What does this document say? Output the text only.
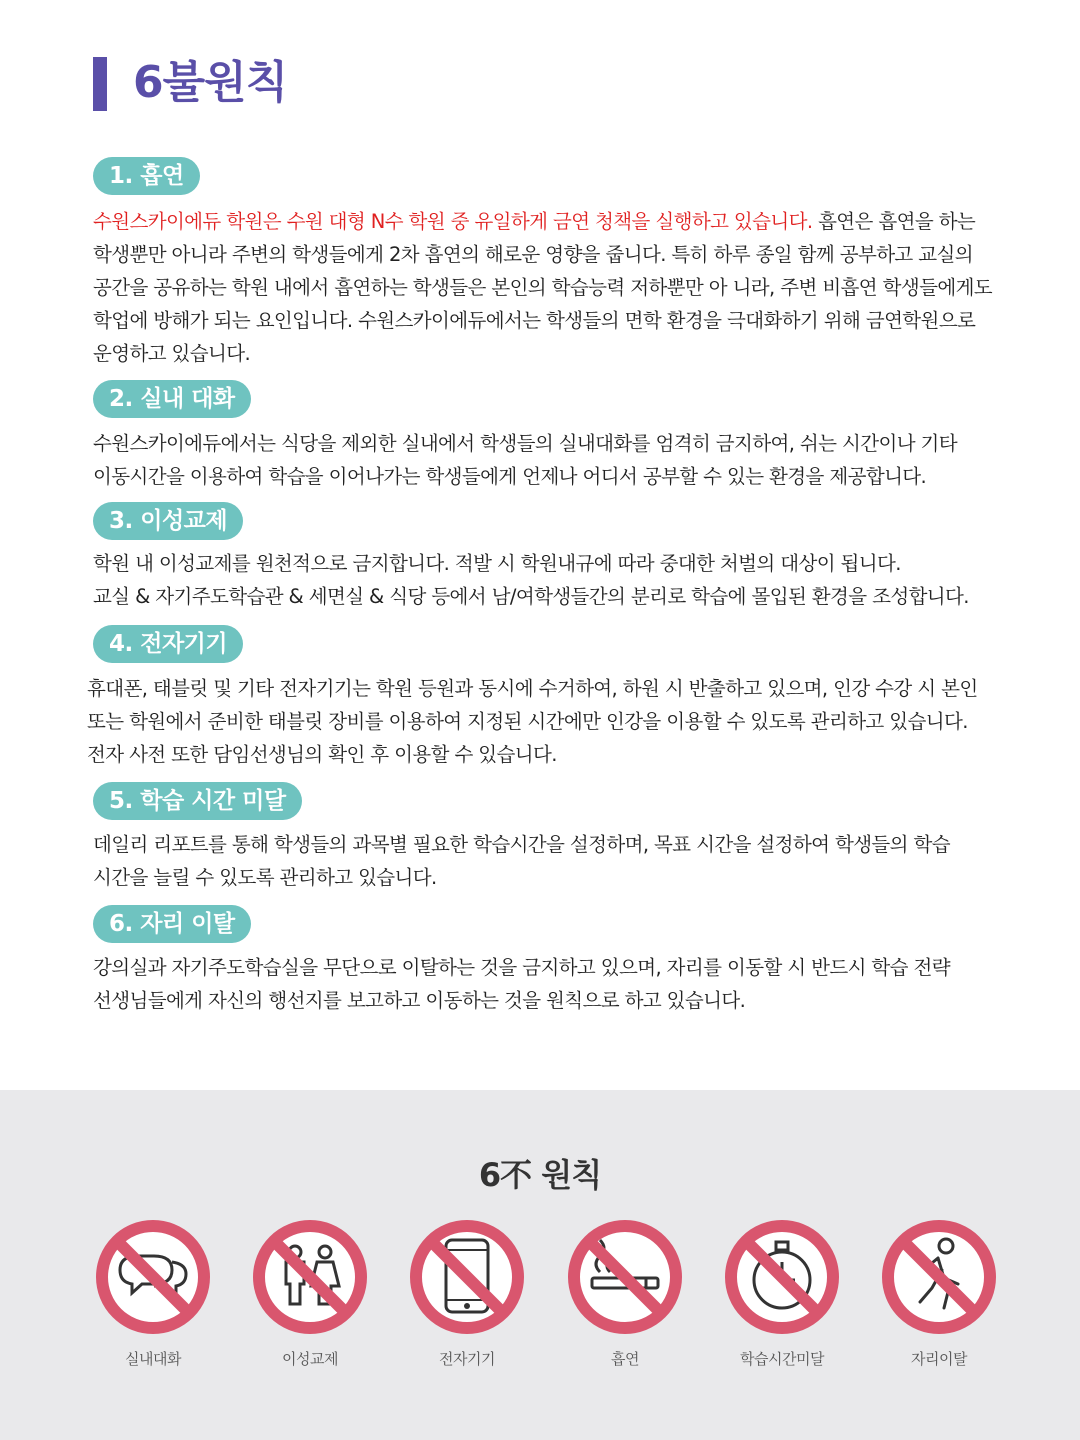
6불원칙
1. 흡연
수원스카이에듀 학원은 수원 대형 N수 학원 중 유일하게 금연 청책을 실행하고 있습니다. 흡연은 흡연을 하는
학생뿐만 아니라 주변의 학생들에게 2차 흡연의 해로운 영향을 줍니다. 특히 하루 종일 함께 공부하고 교실의
공간을 공유하는 학원 내에서 흡연하는 학생들은 본인의 학습능력 저하뿐만 아 니라, 주변 비흡연 학생들에게도
학업에 방해가 되는 요인입니다. 수원스카이에듀에서는 학생들의 면학 환경을 극대화하기 위해 금연학원으로
운영하고 있습니다.
2. 실내 대화
수원스카이에듀에서는 식당을 제외한 실내에서 학생들의 실내대화를 엄격히 금지하여, 쉬는 시간이나 기타
이동시간을 이용하여 학습을 이어나가는 학생들에게 언제나 어디서 공부할 수 있는 환경을 제공합니다.
3. 이성교제
학원 내 이성교제를 원천적으로 금지합니다. 적발 시 학원내규에 따라 중대한 처벌의 대상이 됩니다.
교실 & 자기주도학습관 & 세면실 & 식당 등에서 남/여학생들간의 분리로 학습에 몰입된 환경을 조성합니다.
4. 전자기기
휴대폰, 태블릿 및 기타 전자기기는 학원 등원과 동시에 수거하여, 하원 시 반출하고 있으며, 인강 수강 시 본인
또는 학원에서 준비한 태블릿 장비를 이용하여 지정된 시간에만 인강을 이용할 수 있도록 관리하고 있습니다.
전자 사전 또한 담임선생님의 확인 후 이용할 수 있습니다.
5. 학습 시간 미달
데일리 리포트를 통해 학생들의 과목별 필요한 학습시간을 설정하며, 목표 시간을 설정하여 학생들의 학습
시간을 늘릴 수 있도록 관리하고 있습니다.
6. 자리 이탈
강의실과 자기주도학습실을 무단으로 이탈하는 것을 금지하고 있으며, 자리를 이동할 시 반드시 학습 전략
선생님들에게 자신의 행선지를 보고하고 이동하는 것을 원칙으로 하고 있습니다.
6不 원칙
실내대화	이성교제	전자기기	흡연	학습시간미달	자리이탈
